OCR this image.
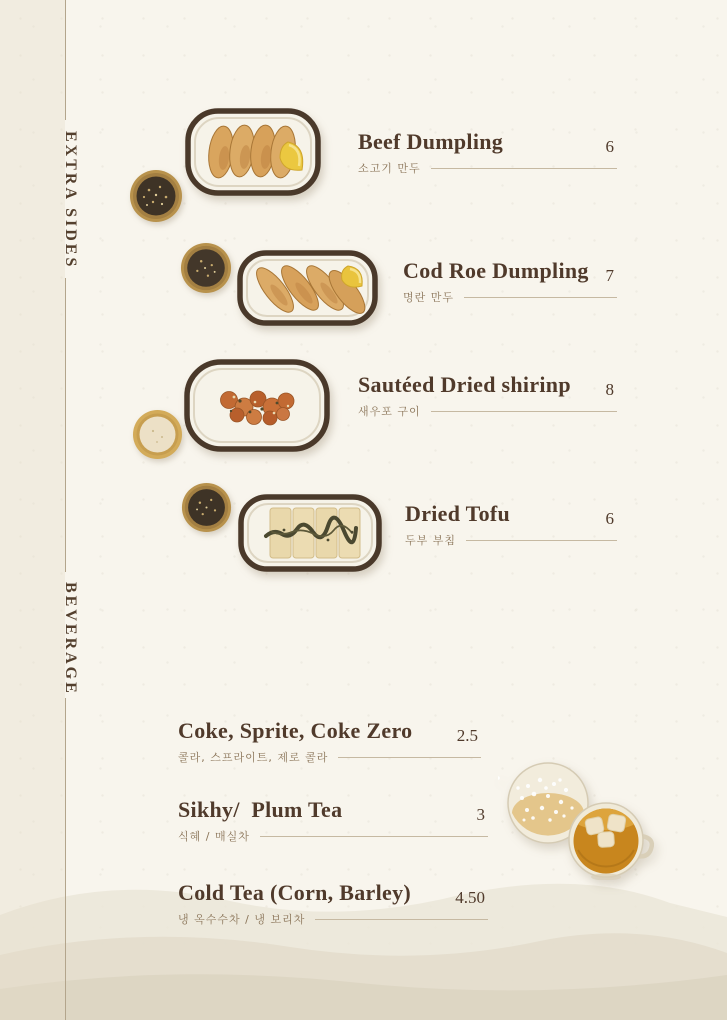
EXTRA SIDES
BEVERAGE
Beef Dumpling	6
소고기 만두
Cod Roe Dumpling 7
명란 만두
Sautéed Dried shirinp 8
새우포 구이
Dried Tofu	6
두부 부침
Coke, Sprite, Coke Zero	2.5
콜라, 스프라이트, 제로 콜라
Sikhy/  Plum Tea	3
식혜 / 매실차
Cold Tea (Corn, Barley)	4.50
냉 옥수수차 / 냉 보리차
